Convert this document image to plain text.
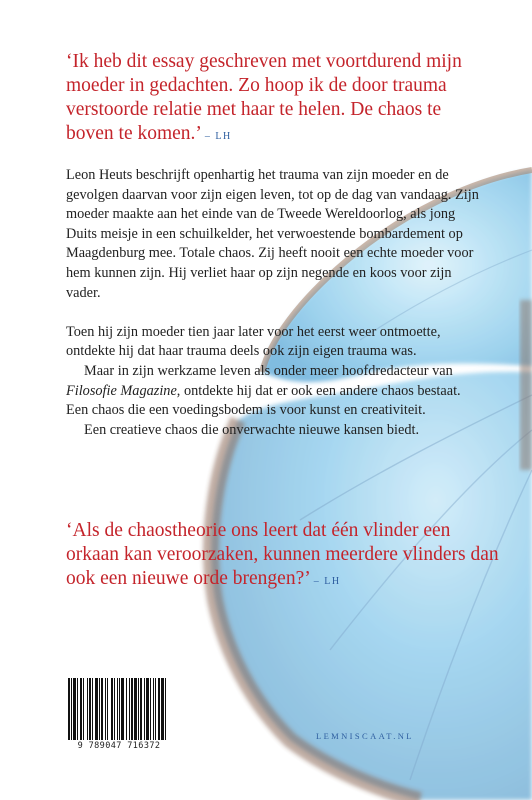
‘Ik heb dit essay geschreven met voortdurend mijn moeder in gedachten. Zo hoop ik de door trauma verstoorde relatie met haar te helen. De chaos te boven te komen.’ – LH

Leon Heuts beschrijft openhartig het trauma van zijn moeder en de gevolgen daarvan voor zijn eigen leven, tot op de dag van vandaag. Zijn moeder maakte aan het einde van de Tweede Wereldoorlog, als jong Duits meisje in een schuilkelder, het verwoestende bombardement op Maagdenburg mee. Totale chaos. Zij heeft nooit een echte moeder voor hem kunnen zijn. Hij verliet haar op zijn negende en koos voor zijn vader.

Toen hij zijn moeder tien jaar later voor het eerst weer ontmoette, ontdekte hij dat haar trauma deels ook zijn eigen trauma was.

Maar in zijn werkzame leven als onder meer hoofdredacteur van Filosofie Magazine, ontdekte hij dat er ook een andere chaos bestaat. Een chaos die een voedingsbodem is voor kunst en creativiteit.

Een creatieve chaos die onverwachte nieuwe kansen biedt.

‘Als de chaostheorie ons leert dat één vlinder een orkaan kan veroorzaken, kunnen meerdere vlinders dan ook een nieuwe orde brengen?’ – LH

9 789047 716372
LEMNISCAAT.NL
